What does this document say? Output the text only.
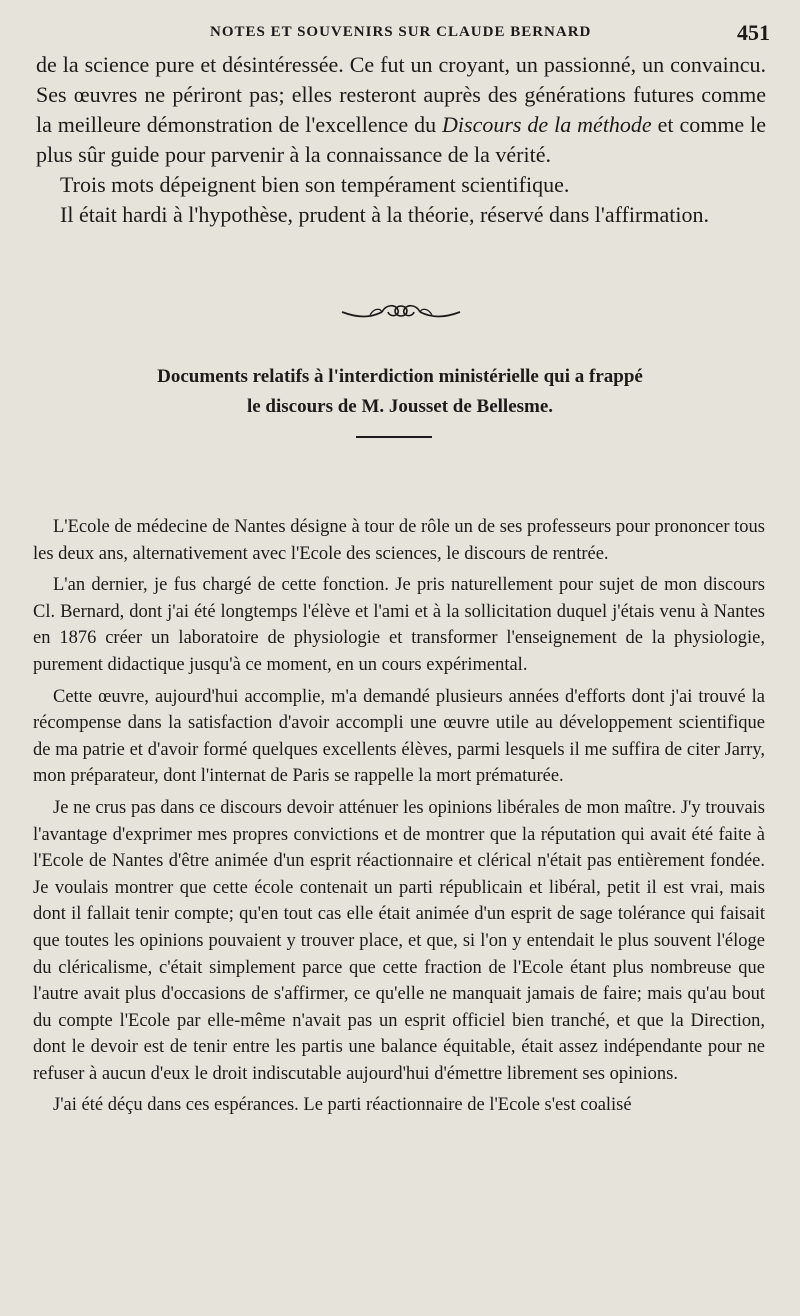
NOTES ET SOUVENIRS SUR CLAUDE BERNARD	451

de la science pure et désintéressée. Ce fut un croyant, un passionné, un convaincu. Ses œuvres ne périront pas; elles resteront auprès des générations futures comme la meilleure démonstration de l'excellence du Discours de la méthode et comme le plus sûr guide pour parvenir à la connaissance de la vérité.

Trois mots dépeignent bien son tempérament scientifique.

Il était hardi à l'hypothèse, prudent à la théorie, réservé dans l'affirmation.

Documents relatifs à l'interdiction ministérielle qui a frappé
le discours de M. Jousset de Bellesme.

L'Ecole de médecine de Nantes désigne à tour de rôle un de ses professeurs pour prononcer tous les deux ans, alternativement avec l'Ecole des sciences, le discours de rentrée.

L'an dernier, je fus chargé de cette fonction. Je pris naturellement pour sujet de mon discours Cl. Bernard, dont j'ai été longtemps l'élève et l'ami et à la sollicitation duquel j'étais venu à Nantes en 1876 créer un laboratoire de physiologie et transformer l'enseignement de la physiologie, purement didactique jusqu'à ce moment, en un cours expérimental.

Cette œuvre, aujourd'hui accomplie, m'a demandé plusieurs années d'efforts dont j'ai trouvé la récompense dans la satisfaction d'avoir accompli une œuvre utile au développement scientifique de ma patrie et d'avoir formé quelques excellents élèves, parmi lesquels il me suffira de citer Jarry, mon préparateur, dont l'internat de Paris se rappelle la mort prématurée.

Je ne crus pas dans ce discours devoir atténuer les opinions libérales de mon maître. J'y trouvais l'avantage d'exprimer mes propres convictions et de montrer que la réputation qui avait été faite à l'Ecole de Nantes d'être animée d'un esprit réactionnaire et clérical n'était pas entièrement fondée. Je voulais montrer que cette école contenait un parti républicain et libéral, petit il est vrai, mais dont il fallait tenir compte; qu'en tout cas elle était animée d'un esprit de sage tolérance qui faisait que toutes les opinions pouvaient y trouver place, et que, si l'on y entendait le plus souvent l'éloge du cléricalisme, c'était simplement parce que cette fraction de l'Ecole étant plus nombreuse que l'autre avait plus d'occasions de s'affirmer, ce qu'elle ne manquait jamais de faire; mais qu'au bout du compte l'Ecole par elle-même n'avait pas un esprit officiel bien tranché, et que la Direction, dont le devoir est de tenir entre les partis une balance équitable, était assez indépendante pour ne refuser à aucun d'eux le droit indiscutable aujourd'hui d'émettre librement ses opinions.

J'ai été déçu dans ces espérances. Le parti réactionnaire de l'Ecole s'est coalisé
